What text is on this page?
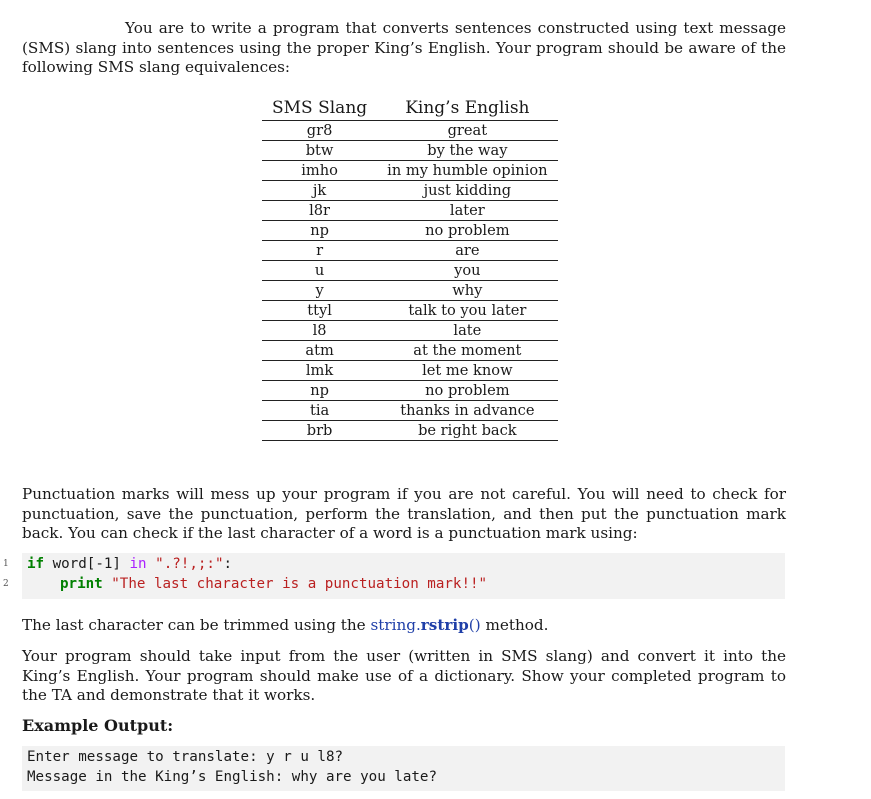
You are to write a program that converts sentences constructed using text message (SMS) slang into sentences using the proper King’s English. Your program should be aware of the following SMS slang equivalences:
SMS Slang	King’s English
gr8	great
btw	by the way
imho	in my humble opinion
jk	just kidding
l8r	later
np	no problem
r	are
u	you
y	why
ttyl	talk to you later
l8	late
atm	at the moment
lmk	let me know
np	no problem
tia	thanks in advance
brb	be right back
Punctuation marks will mess up your program if you are not careful. You will need to check for punctuation, save the punctuation, perform the translation, and then put the punctuation mark back. You can check if the last character of a word is a punctuation mark using:
1
2
if word[-1] in ".?!,;:":
print "The last character is a punctuation mark!!"
The last character can be trimmed using the string.rstrip() method.
Your program should take input from the user (written in SMS slang) and convert it into the King’s English. Your program should make use of a dictionary. Show your completed program to the TA and demonstrate that it works.
Example Output:
Enter message to translate: y r u l8?
Message in the King’s English: why are you late?
